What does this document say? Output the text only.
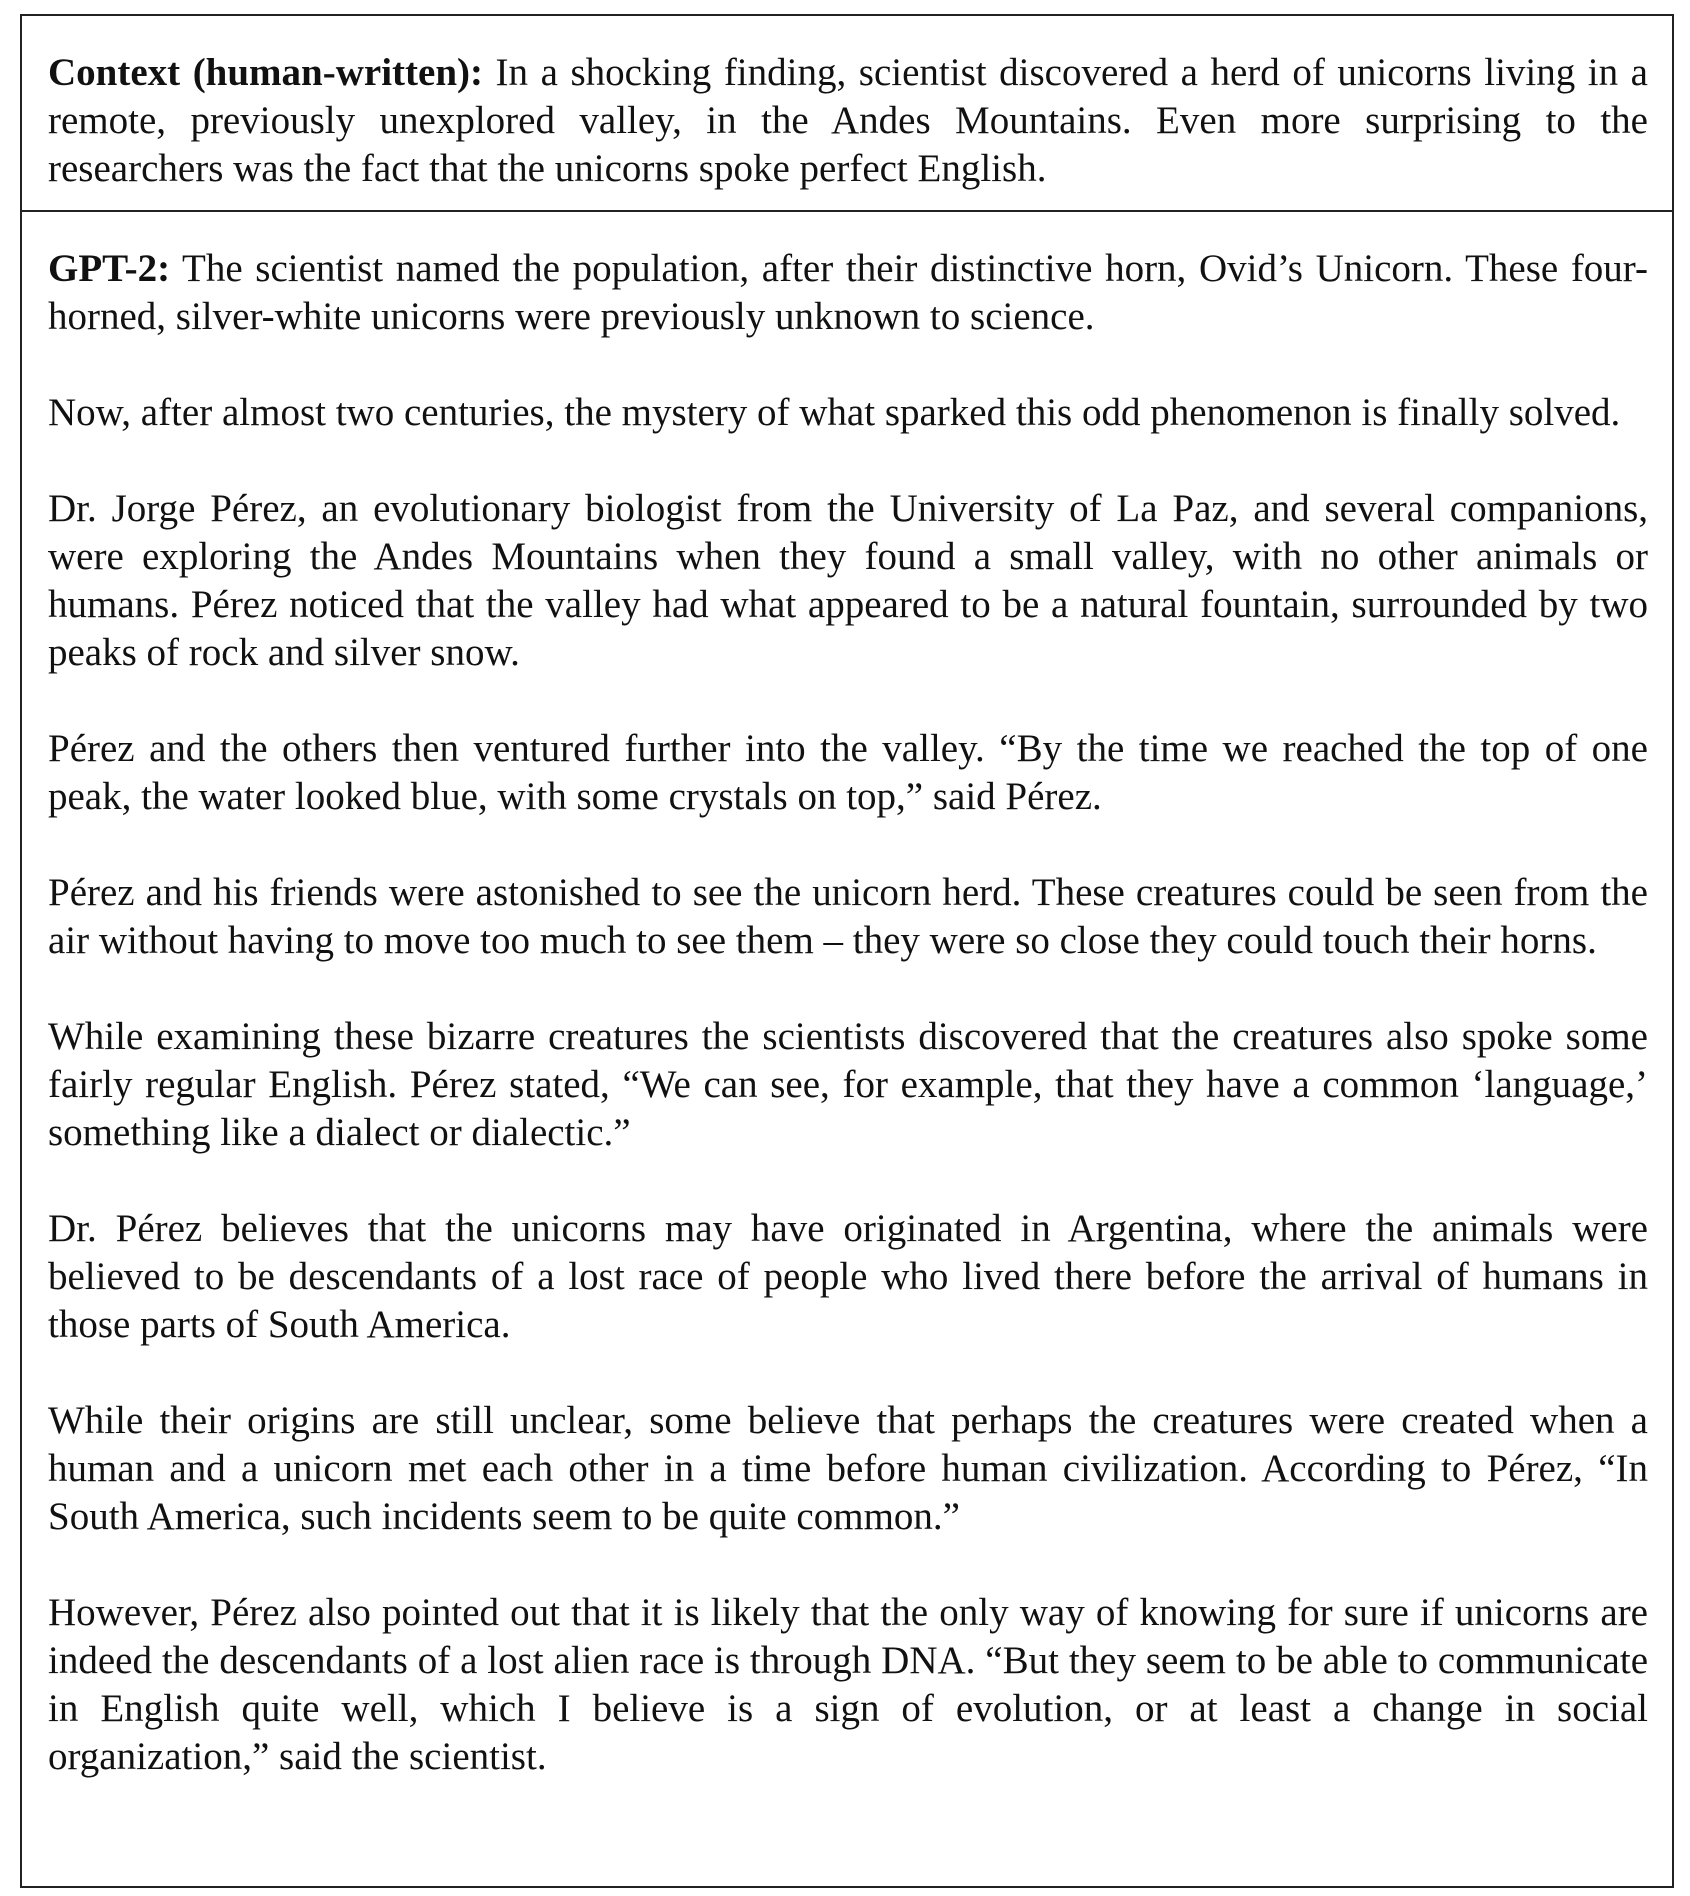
Context (human-written): In a shocking finding, scientist discovered a herd of unicorns living in a remote, previously unexplored valley, in the Andes Mountains. Even more surprising to the researchers was the fact that the unicorns spoke perfect English.

GPT-2: The scientist named the population, after their distinctive horn, Ovid’s Unicorn. These four-horned, silver-white unicorns were previously unknown to science.

Now, after almost two centuries, the mystery of what sparked this odd phenomenon is finally solved.

Dr. Jorge Pérez, an evolutionary biologist from the University of La Paz, and several companions, were exploring the Andes Mountains when they found a small valley, with no other animals or humans. Pérez noticed that the valley had what appeared to be a natural fountain, surrounded by two peaks of rock and silver snow.

Pérez and the others then ventured further into the valley. “By the time we reached the top of one peak, the water looked blue, with some crystals on top,” said Pérez.

Pérez and his friends were astonished to see the unicorn herd. These creatures could be seen from the air without having to move too much to see them – they were so close they could touch their horns.

While examining these bizarre creatures the scientists discovered that the creatures also spoke some fairly regular English. Pérez stated, “We can see, for example, that they have a common ‘language,’ something like a dialect or dialectic.”

Dr. Pérez believes that the unicorns may have originated in Argentina, where the animals were believed to be descendants of a lost race of people who lived there before the arrival of humans in those parts of South America.

While their origins are still unclear, some believe that perhaps the creatures were created when a human and a unicorn met each other in a time before human civilization. According to Pérez, “In South America, such incidents seem to be quite common.”

However, Pérez also pointed out that it is likely that the only way of knowing for sure if unicorns are indeed the descendants of a lost alien race is through DNA. “But they seem to be able to communicate in English quite well, which I believe is a sign of evolution, or at least a change in social organization,” said the scientist.
